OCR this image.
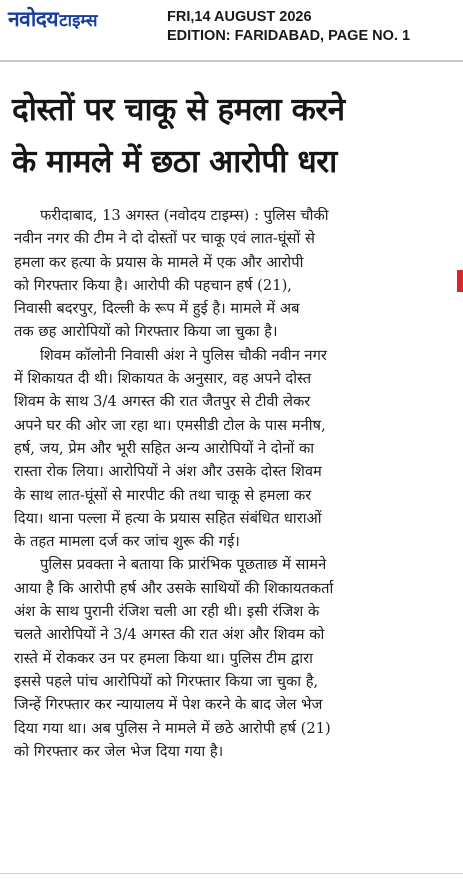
नवोदय टाइम्स	FRI,14 AUGUST 2026
EDITION: FARIDABAD, PAGE NO. 1
दोस्तों पर चाकू से हमला करने
के मामले में छठा आरोपी धरा
फरीदाबाद, 13 अगस्त (नवोदय टाइम्स) : पुलिस चौकी
नवीन नगर की टीम ने दो दोस्तों पर चाकू एवं लात-घूंसों से
हमला कर हत्या के प्रयास के मामले में एक और आरोपी
को गिरफ्तार किया है। आरोपी की पहचान हर्ष (21),
निवासी बदरपुर, दिल्ली के रूप में हुई है। मामले में अब
तक छह आरोपियों को गिरफ्तार किया जा चुका है।
शिवम कॉलोनी निवासी अंश ने पुलिस चौकी नवीन नगर
में शिकायत दी थी। शिकायत के अनुसार, वह अपने दोस्त
शिवम के साथ 3/4 अगस्त की रात जैतपुर से टीवी लेकर
अपने घर की ओर जा रहा था। एमसीडी टोल के पास मनीष,
हर्ष, जय, प्रेम और भूरी सहित अन्य आरोपियों ने दोनों का
रास्ता रोक लिया। आरोपियों ने अंश और उसके दोस्त शिवम
के साथ लात-घूंसों से मारपीट की तथा चाकू से हमला कर
दिया। थाना पल्ला में हत्या के प्रयास सहित संबंधित धाराओं
के तहत मामला दर्ज कर जांच शुरू की गई।
पुलिस प्रवक्ता ने बताया कि प्रारंभिक पूछताछ में सामने
आया है कि आरोपी हर्ष और उसके साथियों की शिकायतकर्ता
अंश के साथ पुरानी रंजिश चली आ रही थी। इसी रंजिश के
चलते आरोपियों ने 3/4 अगस्त की रात अंश और शिवम को
रास्ते में रोककर उन पर हमला किया था। पुलिस टीम द्वारा
इससे पहले पांच आरोपियों को गिरफ्तार किया जा चुका है,
जिन्हें गिरफ्तार कर न्यायालय में पेश करने के बाद जेल भेज
दिया गया था। अब पुलिस ने मामले में छठे आरोपी हर्ष (21)
को गिरफ्तार कर जेल भेज दिया गया है।
